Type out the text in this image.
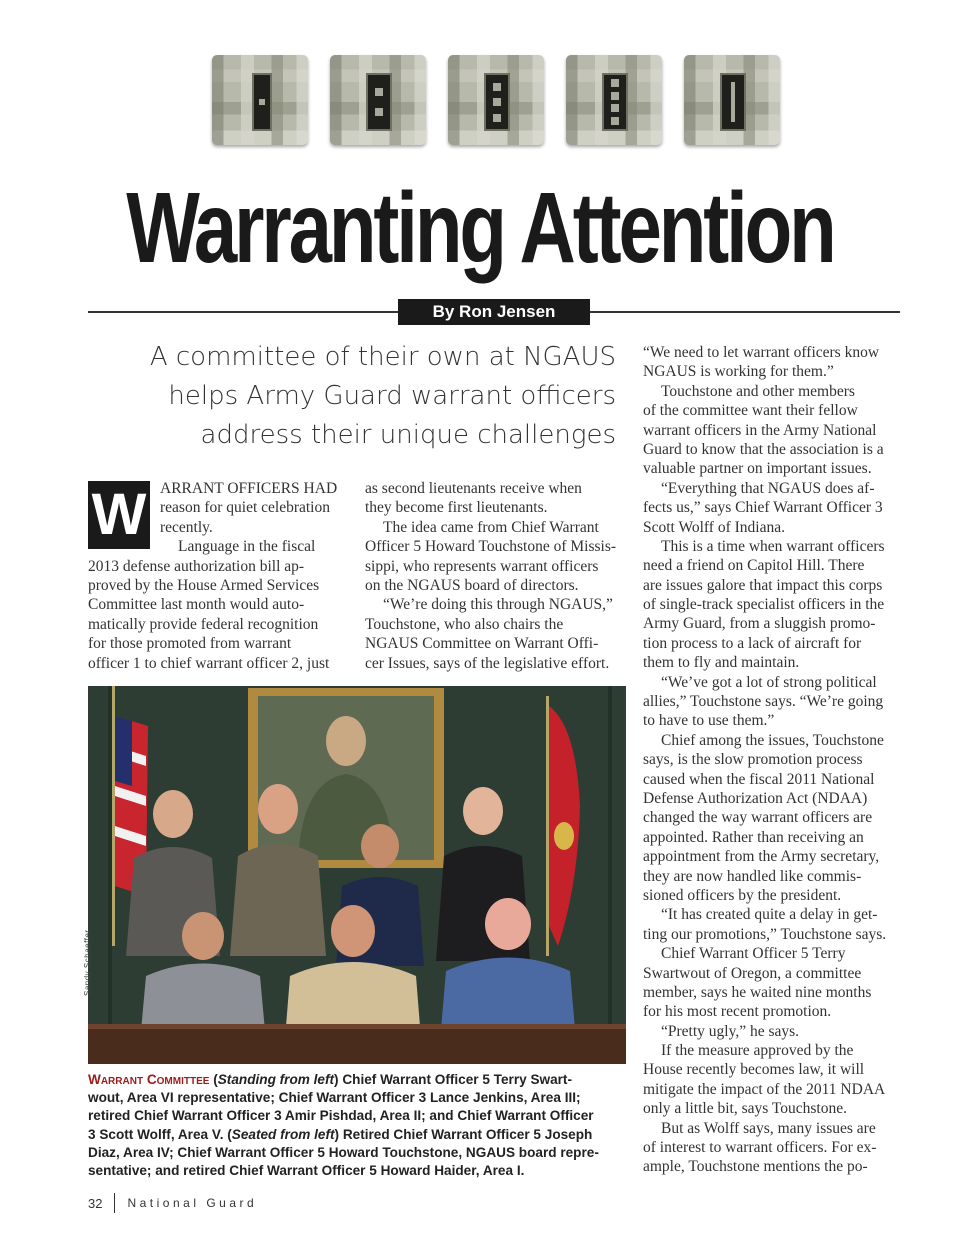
Warranting Attention
By Ron Jensen
A committee of their own at NGAUS
helps Army Guard warrant officers
address their unique challenges
W ARRANT OFFICERS HAD
reason for quiet celebration
recently.
Language in the fiscal
2013 defense authorization bill ap-
proved by the House Armed Services
Committee last month would auto-
matically provide federal recognition
for those promoted from warrant
officer 1 to chief warrant officer 2, just
as second lieutenants receive when
they become first lieutenants.
The idea came from Chief Warrant
Officer 5 Howard Touchstone of Missis-
sippi, who represents warrant officers
on the NGAUS board of directors.
“We’re doing this through NGAUS,”
Touchstone, who also chairs the
NGAUS Committee on Warrant Offi-
cer Issues, says of the legislative effort.
“We need to let warrant officers know
NGAUS is working for them.”
Touchstone and other members
of the committee want their fellow
warrant officers in the Army National
Guard to know that the association is a
valuable partner on important issues.
“Everything that NGAUS does af-
fects us,” says Chief Warrant Officer 3
Scott Wolff of Indiana.
This is a time when warrant officers
need a friend on Capitol Hill. There
are issues galore that impact this corps
of single-track specialist officers in the
Army Guard, from a sluggish promo-
tion process to a lack of aircraft for
them to fly and maintain.
“We’ve got a lot of strong political
allies,” Touchstone says. “We’re going
to have to use them.”
Chief among the issues, Touchstone
says, is the slow promotion process
caused when the fiscal 2011 National
Defense Authorization Act (NDAA)
changed the way warrant officers are
appointed. Rather than receiving an
appointment from the Army secretary,
they are now handled like commis-
sioned officers by the president.
“It has created quite a delay in get-
ting our promotions,” Touchstone says.
Chief Warrant Officer 5 Terry
Swartwout of Oregon, a committee
member, says he waited nine months
for his most recent promotion.
“Pretty ugly,” he says.
If the measure approved by the
House recently becomes law, it will
mitigate the impact of the 2011 NDAA
only a little bit, says Touchstone.
But as Wolff says, many issues are
of interest to warrant officers. For ex-
ample, Touchstone mentions the po-
Sandy Schaeffer
Warrant Committee (Standing from left) Chief Warrant Officer 5 Terry Swart-
wout, Area VI representative; Chief Warrant Officer 3 Lance Jenkins, Area III;
retired Chief Warrant Officer 3 Amir Pishdad, Area II; and Chief Warrant Officer
3 Scott Wolff, Area V. (Seated from left) Retired Chief Warrant Officer 5 Joseph
Diaz, Area IV; Chief Warrant Officer 5 Howard Touchstone, NGAUS board repre-
sentative; and retired Chief Warrant Officer 5 Howard Haider, Area I.
32 National Guard
